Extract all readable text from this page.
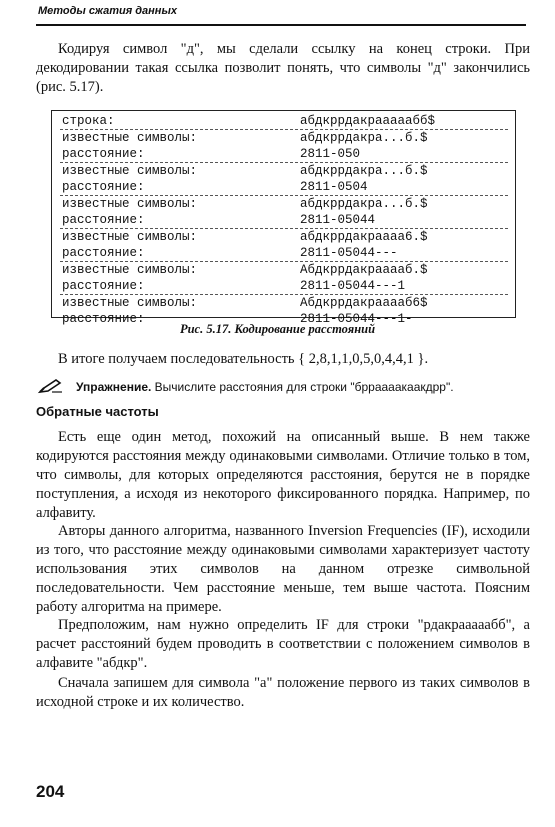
Методы сжатия данных

Кодируя символ "д", мы сделали ссылку на конец строки. При декодировании такая ссылка позволит понять, что символы "д" закончились (рис. 5.17).

строка:	абдкррдакрааааабб$
известные символы:	абдкррдакра...б.$
расстояние:	2811-050
известные символы:	абдкррдакра...б.$
расстояние:	2811-0504
известные символы:	абдкррдакра...б.$
расстояние:	2811-05044
известные символы:	абдкррдакраааа6.$
расстояние:	2811-05044---
известные символы:	Абдкррдакрааааб.$
расстояние:	2811-05044---1
известные символы:	Абдкррдакрааааб6$
расстояние:	2811-05044---1-
Рис. 5.17. Кодирование расстояний

В итоге получаем последовательность { 2,8,1,1,0,5,0,4,4,1 }.

Упражнение. Вычислите расстояния для строки "брраааакаакдрр".
Обратные частоты

Есть еще один метод, похожий на описанный выше. В нем также кодируются расстояния между одинаковыми символами. Отличие только в том, что символы, для которых определяются расстояния, берутся не в порядке поступления, а исходя из некоторого фиксированного порядка. Например, по алфавиту.

Авторы данного алгоритма, названного Inversion Frequencies (IF), исходили из того, что расстояние между одинаковыми символами характеризует частоту использования этих символов на данном отрезке символьной последовательности. Чем расстояние меньше, тем выше частота. Поясним работу алгоритма на примере.

Предположим, нам нужно определить IF для строки "рдакрааааaбб", а расчет расстояний будем проводить в соответствии с положением символов в алфавите "абдкр".

Сначала запишем для символа "а" положение первого из таких символов в исходной строке и их количество.

204
